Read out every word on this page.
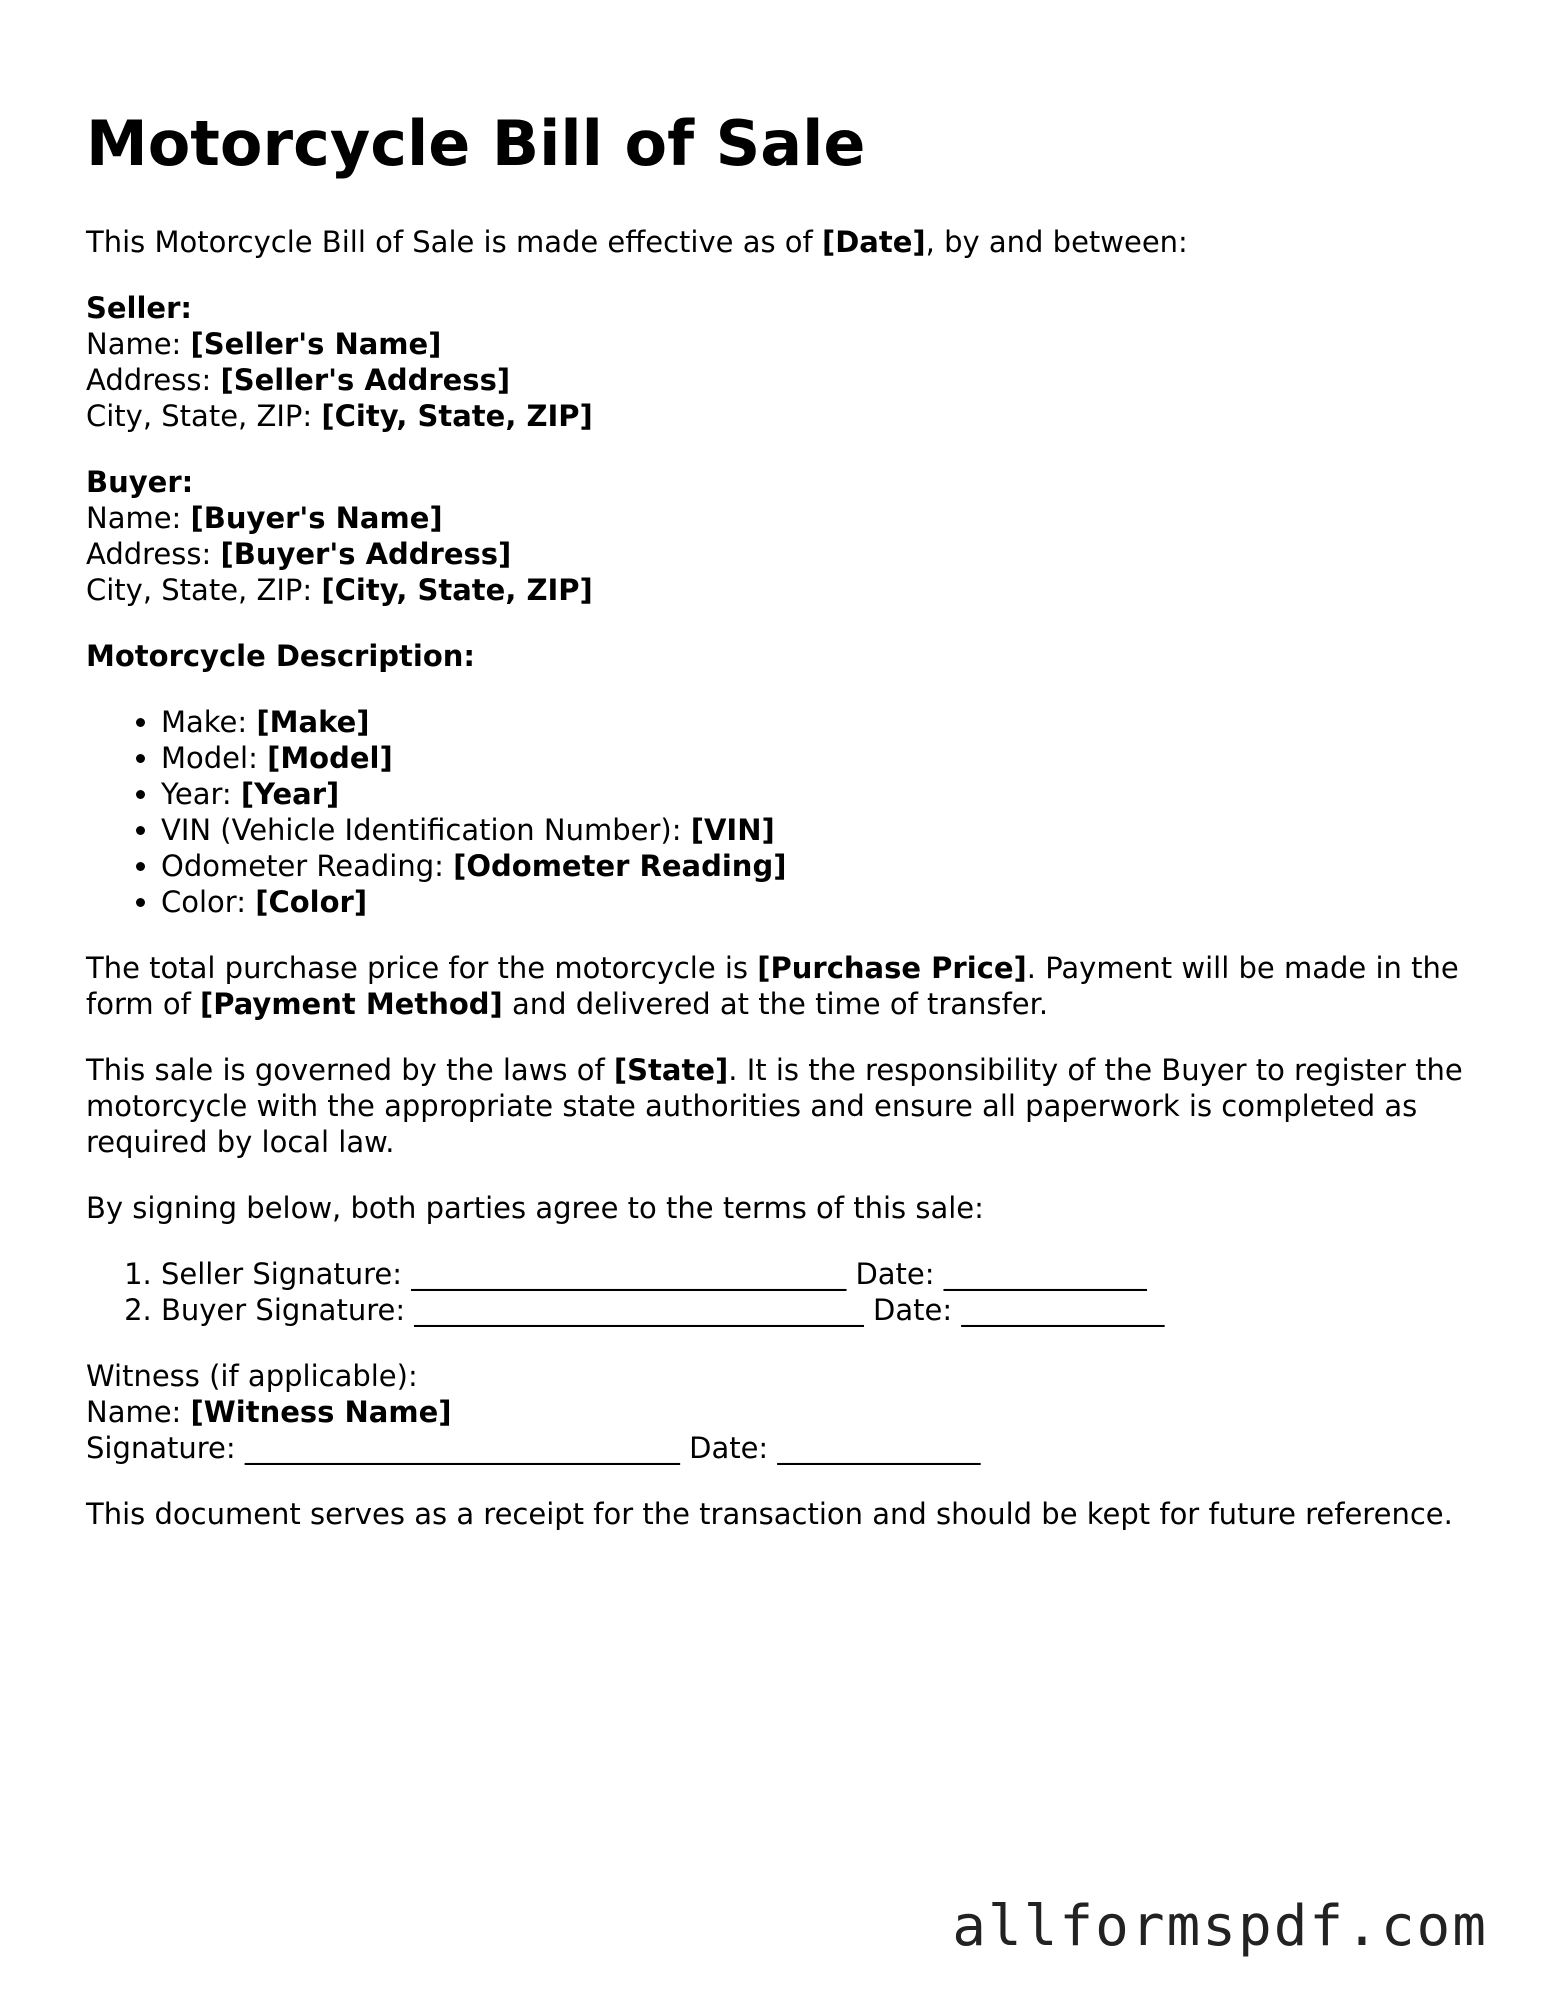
Motorcycle Bill of Sale

This Motorcycle Bill of Sale is made effective as of [Date], by and between:

Seller:
Name: [Seller's Name]
Address: [Seller's Address]
City, State, ZIP: [City, State, ZIP]
Buyer:
Name: [Buyer's Name]
Address: [Buyer's Address]
City, State, ZIP: [City, State, ZIP]

Motorcycle Description:

• Make: [Make]
• Model: [Model]
• Year: [Year]
• VIN (Vehicle Identification Number): [VIN]
• Odometer Reading: [Odometer Reading]
• Color: [Color]

The total purchase price for the motorcycle is [Purchase Price]. Payment will be made in the form of [Payment Method] and delivered at the time of transfer.

This sale is governed by the laws of [State]. It is the responsibility of the Buyer to register the motorcycle with the appropriate state authorities and ensure all paperwork is completed as required by local law.

By signing below, both parties agree to the terms of this sale:

1. Seller Signature: ______________________________ Date: ______________
2. Buyer Signature: _______________________________ Date: ______________
Witness (if applicable):
Name: [Witness Name]
Signature: ______________________________ Date: ______________

This document serves as a receipt for the transaction and should be kept for future reference.

allformspdf.com
